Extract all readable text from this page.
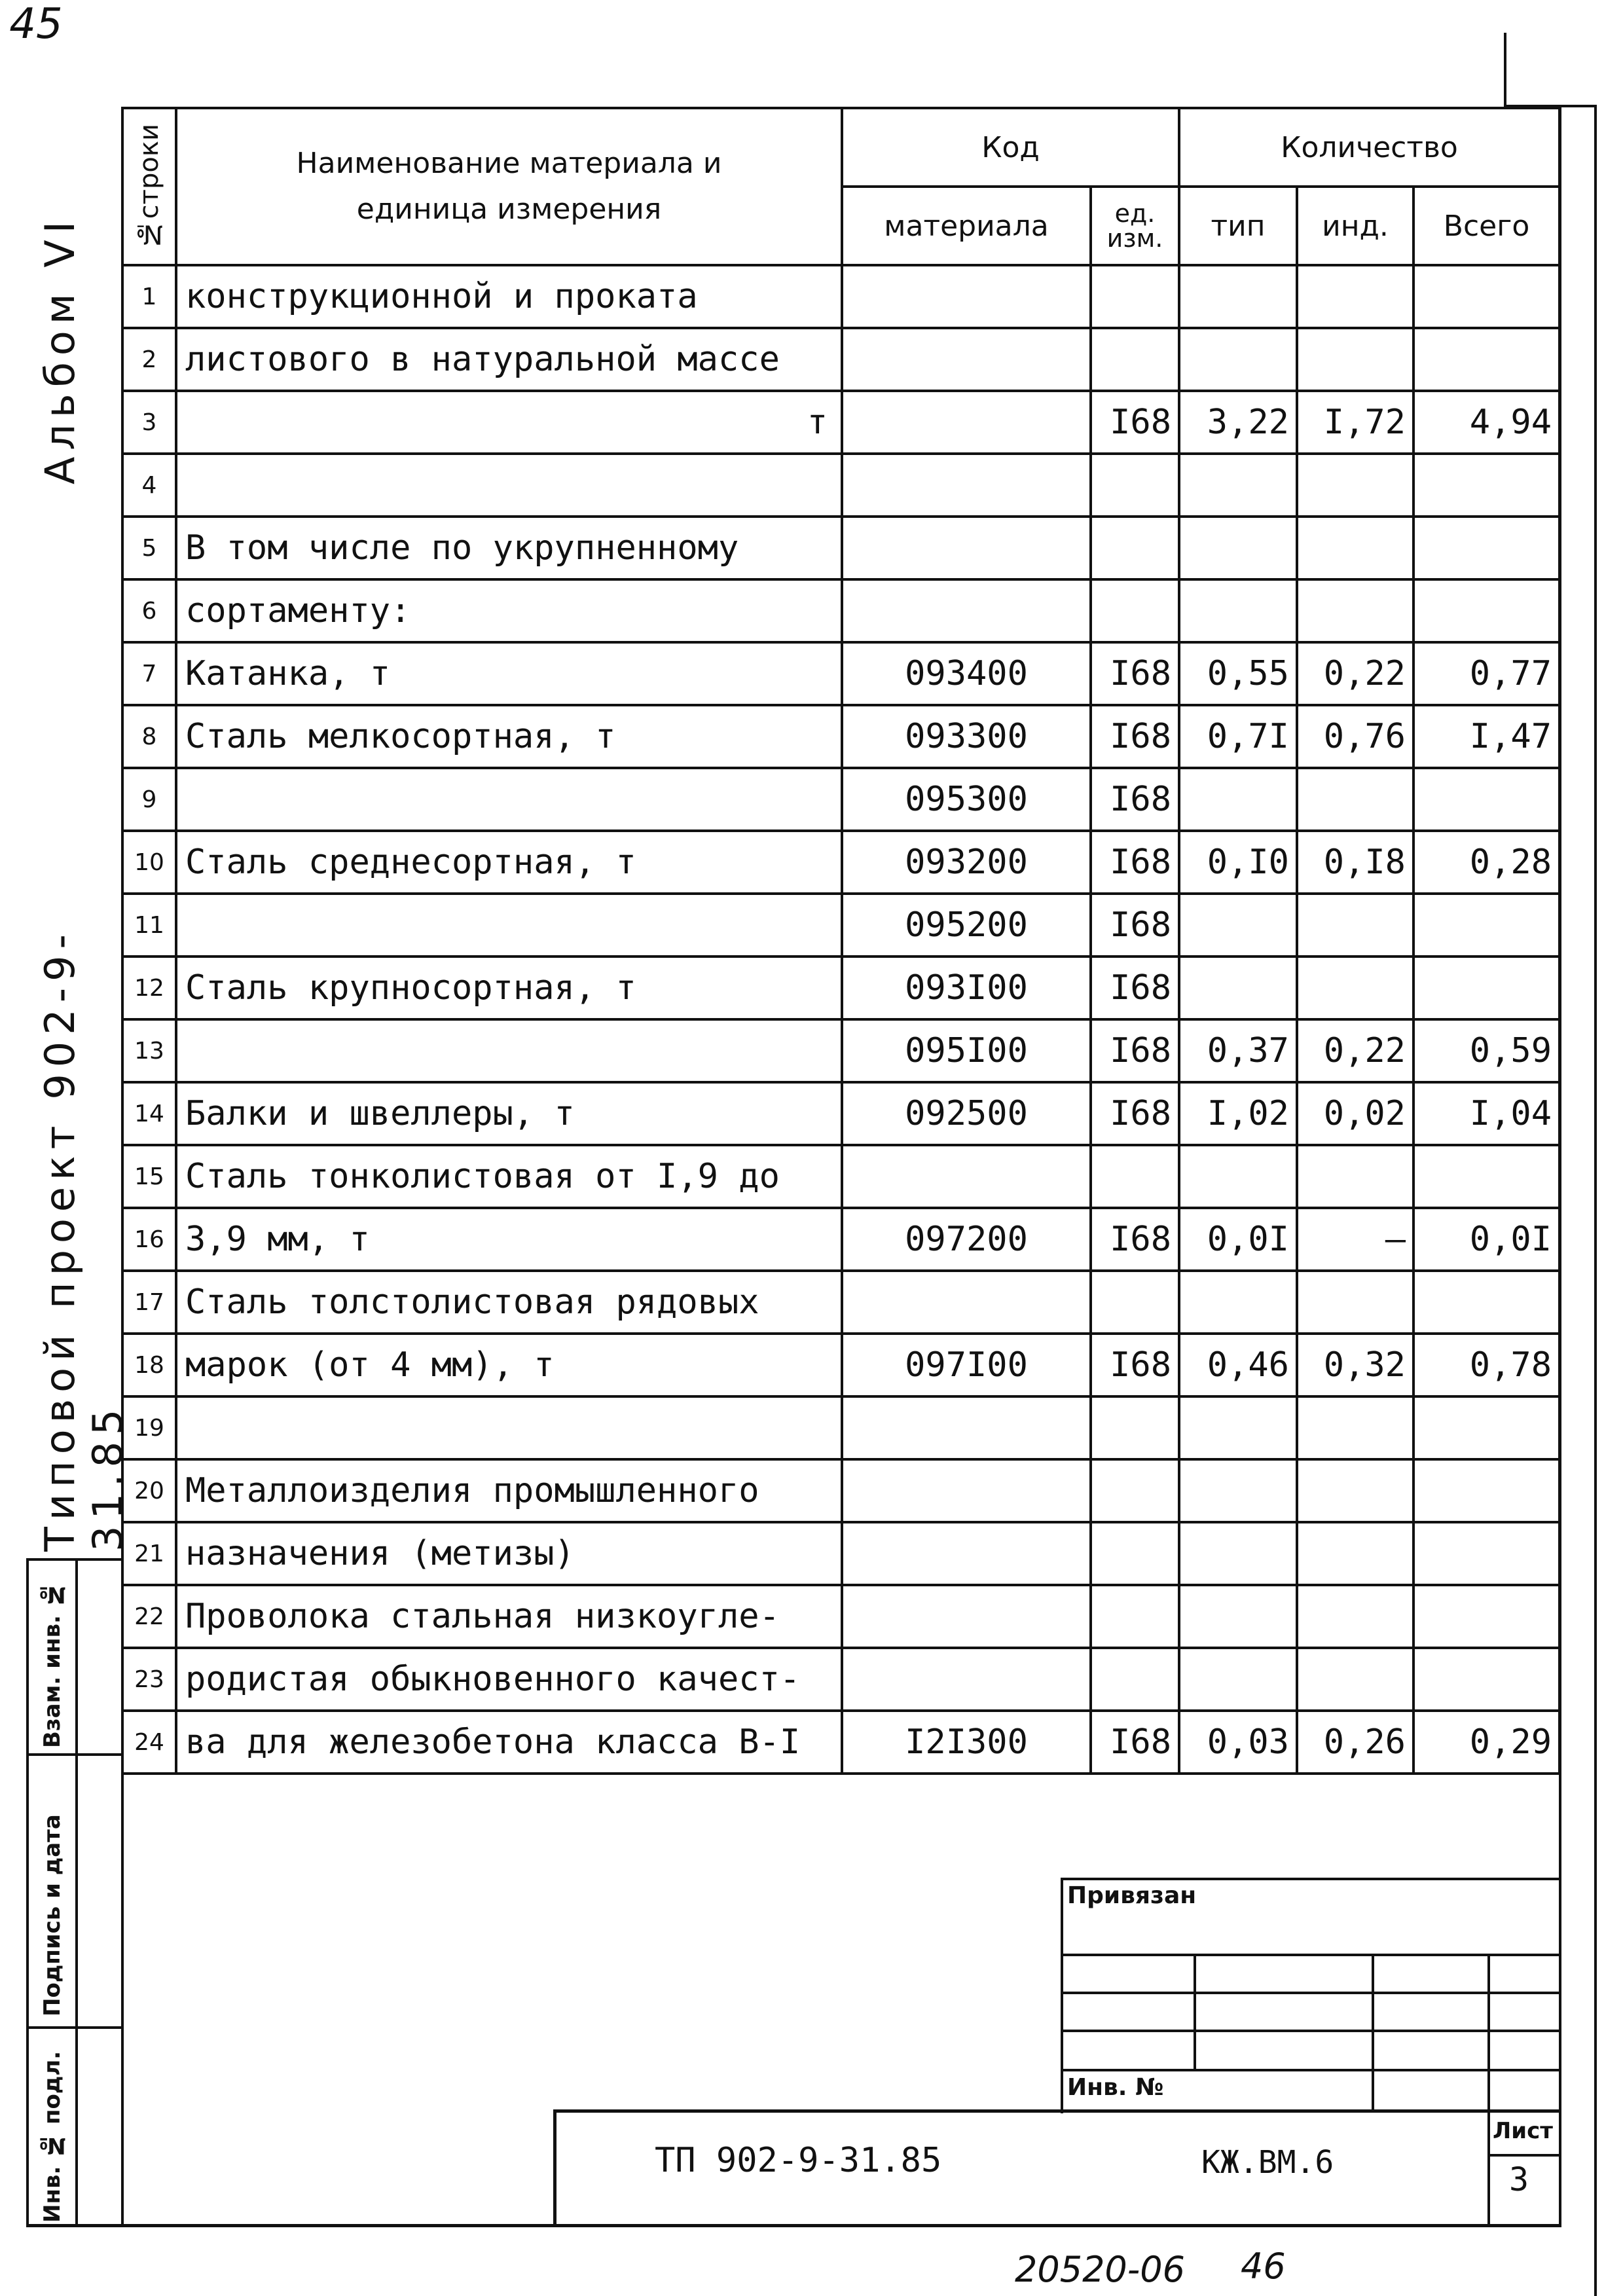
45
Альбом VI
Типовой проект 902-9-31.85
Взам. инв. №
Подпись и дата
Инв. № подл.
№строки	Наименование материала и единица измерения	Код		Количество		
		материала	ед. изм.	тип	инд.	Всего
1	конструкционной и проката					
2	листового в натуральной массе					
3	т		I68	3,22	I,72	4,94
4						
5	В том числе по укрупненному					
6	сортаменту:					
7	Катанка, т	093400	I68	0,55	0,22	0,77
8	Сталь мелкосортная, т	093300	I68	0,7I	0,76	I,47
9		095300	I68			
10	Сталь среднесортная, т	093200	I68	0,I0	0,I8	0,28
11		095200	I68			
12	Сталь крупносортная, т	093I00	I68			
13		095I00	I68	0,37	0,22	0,59
14	Балки и швеллеры, т	092500	I68	I,02	0,02	I,04
15	Сталь тонколистовая от I,9 до					
16	3,9 мм, т	097200	I68	0,0I	–	0,0I
17	Сталь толстолистовая рядовых					
18	марок (от 4 мм), т	097I00	I68	0,46	0,32	0,78
19						
20	Металлоизделия промышленного					
21	назначения (метизы)					
22	Проволока стальная низкоугле-					
23	родистая обыкновенного качест-					
24	ва для железобетона класса B-I	I2I300	I68	0,03	0,26	0,29
Привязан
Инв. №
ТП 902-9-31.85	КЖ.ВМ.6
Лист
3
20520-06 46
